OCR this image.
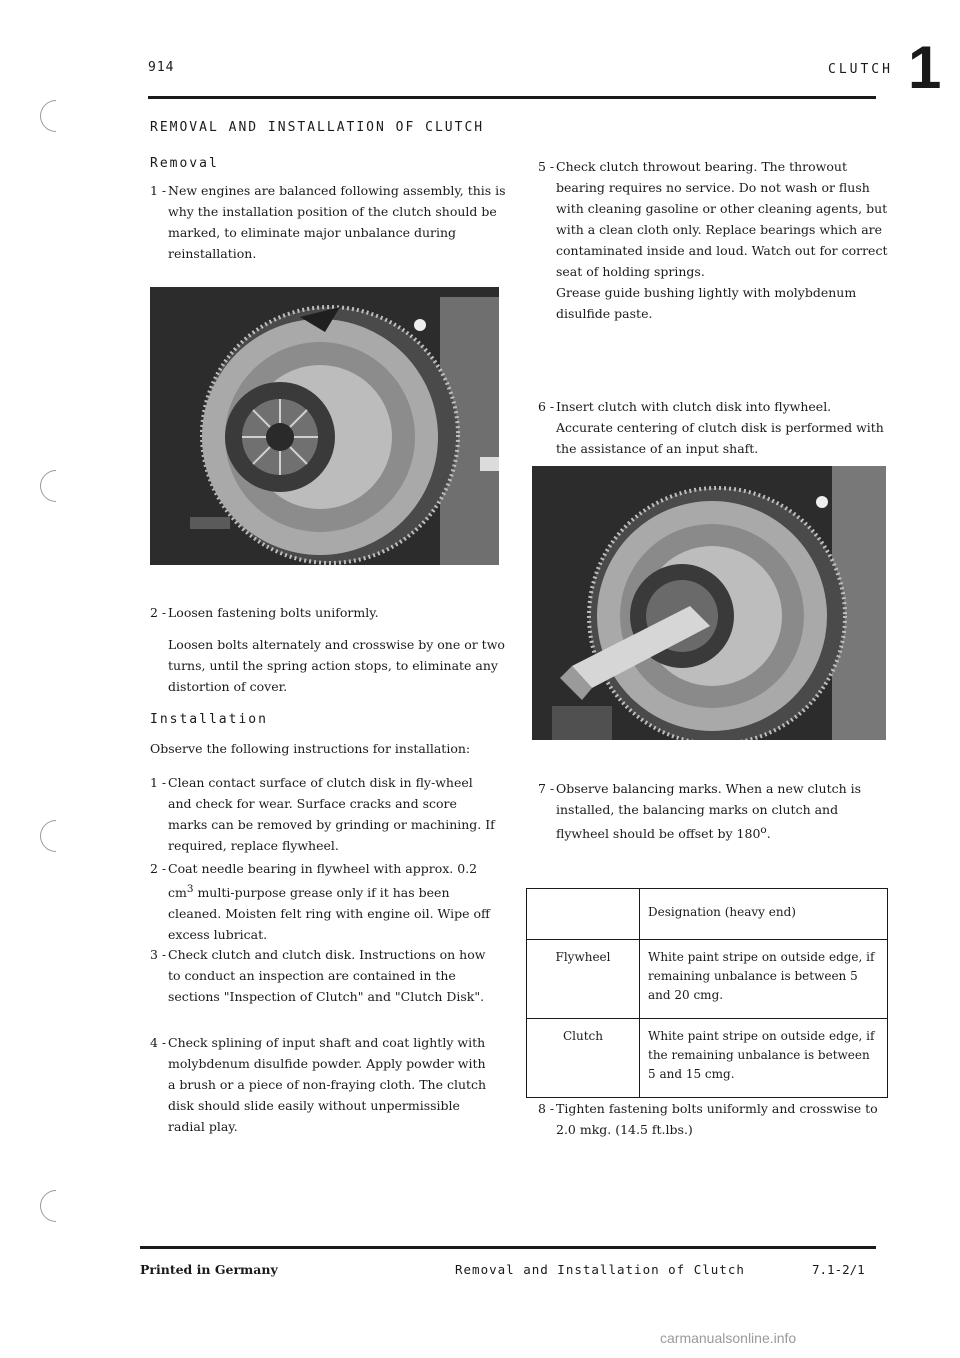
914	CLUTCH 1
REMOVAL AND INSTALLATION OF CLUTCH
Removal
1 - New engines are balanced following assembly, this is why the installation position of the clutch should be marked, to eliminate major unbalance during reinstallation.
2 - Loosen fastening bolts uniformly.
Loosen bolts alternately and crosswise by one or two turns, until the spring action stops, to eliminate any distortion of cover.
Installation
Observe the following instructions for installation:
1 - Clean contact surface of clutch disk in fly-wheel and check for wear. Surface cracks and score marks can be removed by grinding or machining. If required, replace flywheel.
2 - Coat needle bearing in flywheel with approx. 0.2 $cm^3$ multi-purpose grease only if it has been cleaned. Moisten felt ring with engine oil. Wipe off excess lubricat.
3 - Check clutch and clutch disk. Instructions on how to conduct an inspection are contained in the sections "Inspection of Clutch" and "Clutch Disk".
4 - Check splining of input shaft and coat lightly with molybdenum disulfide powder. Apply powder with a brush or a piece of non-fraying cloth. The clutch disk should slide easily without unpermissible radial play.
5 - Check clutch throwout bearing. The throwout bearing requires no service. Do not wash or flush with cleaning gasoline or other cleaning agents, but with a clean cloth only. Replace bearings which are contaminated inside and loud. Watch out for correct seat of holding springs.
Grease guide bushing lightly with molybdenum disulfide paste.
6 - Insert clutch with clutch disk into flywheel. Accurate centering of clutch disk is performed with the assistance of an input shaft.
7 - Observe balancing marks. When a new clutch is installed, the balancing marks on clutch and flywheel should be offset by 180$^o$.
	Designation (heavy end)
Flywheel	White paint stripe on outside edge, if remaining unbalance is between 5 and 20 cmg.
Clutch	White paint stripe on outside edge, if the remaining unbalance is between 5 and 15 cmg.
8 - Tighten fastening bolts uniformly and crosswise to 2.0 mkg. (14.5 ft.lbs.)
Printed in Germany	Removal and Installation of Clutch	7.1-2/1
carmanualsonline.info
